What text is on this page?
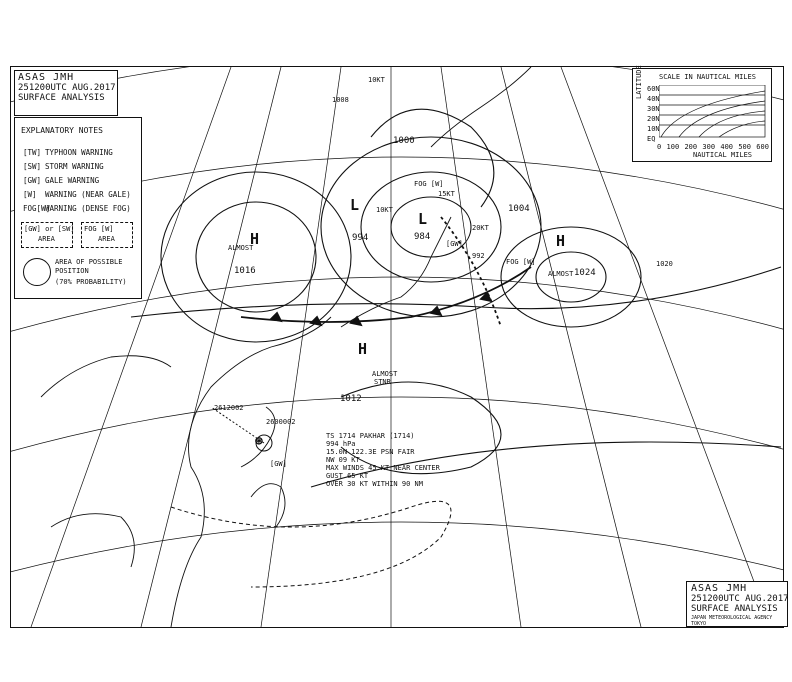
ASAS JMH
251200UTC AUG.2017
SURFACE ANALYSIS
EXPLANATORY NOTES
[TW] TYPHOON WARNING
[SW] STORM WARNING
[GW] GALE WARNING
[W] WARNING (NEAR GALE)
FOG[W]WARNING (DENSE FOG)
[GW] or [SW]
AREA
FOG [W]
AREA
AREA OF POSSIBLE
POSITION
(70% PROBABILITY)
SCALE IN NAUTICAL MILES
LATITUDE 60N
40N
30N
20N
10N
EQ
0 100 200 300 400 500 600
NAUTICAL MILES
TS 1714 PAKHAR (1714)
994 hPa
15.0N 122.3E PSN FAIR
NW 09 KT
MAX WINDS 45 KT NEAR CENTER
GUST 65 KT
OVER 30 KT WITHIN 90 NM
2612002
2600002
[GW]
⊛
H
1016
ALMOST
L
994
L
984	H
1024
ALMOST
H
1012
ALMOST
STNR
1000
1004
FOG [W]
FOG [W]
[GW]
992
1008
1020
10KT
10KT
20KT
15KT
ASAS JMH
251200UTC AUG.2017
SURFACE ANALYSIS
JAPAN METEOROLOGICAL AGENCY TOKYO
